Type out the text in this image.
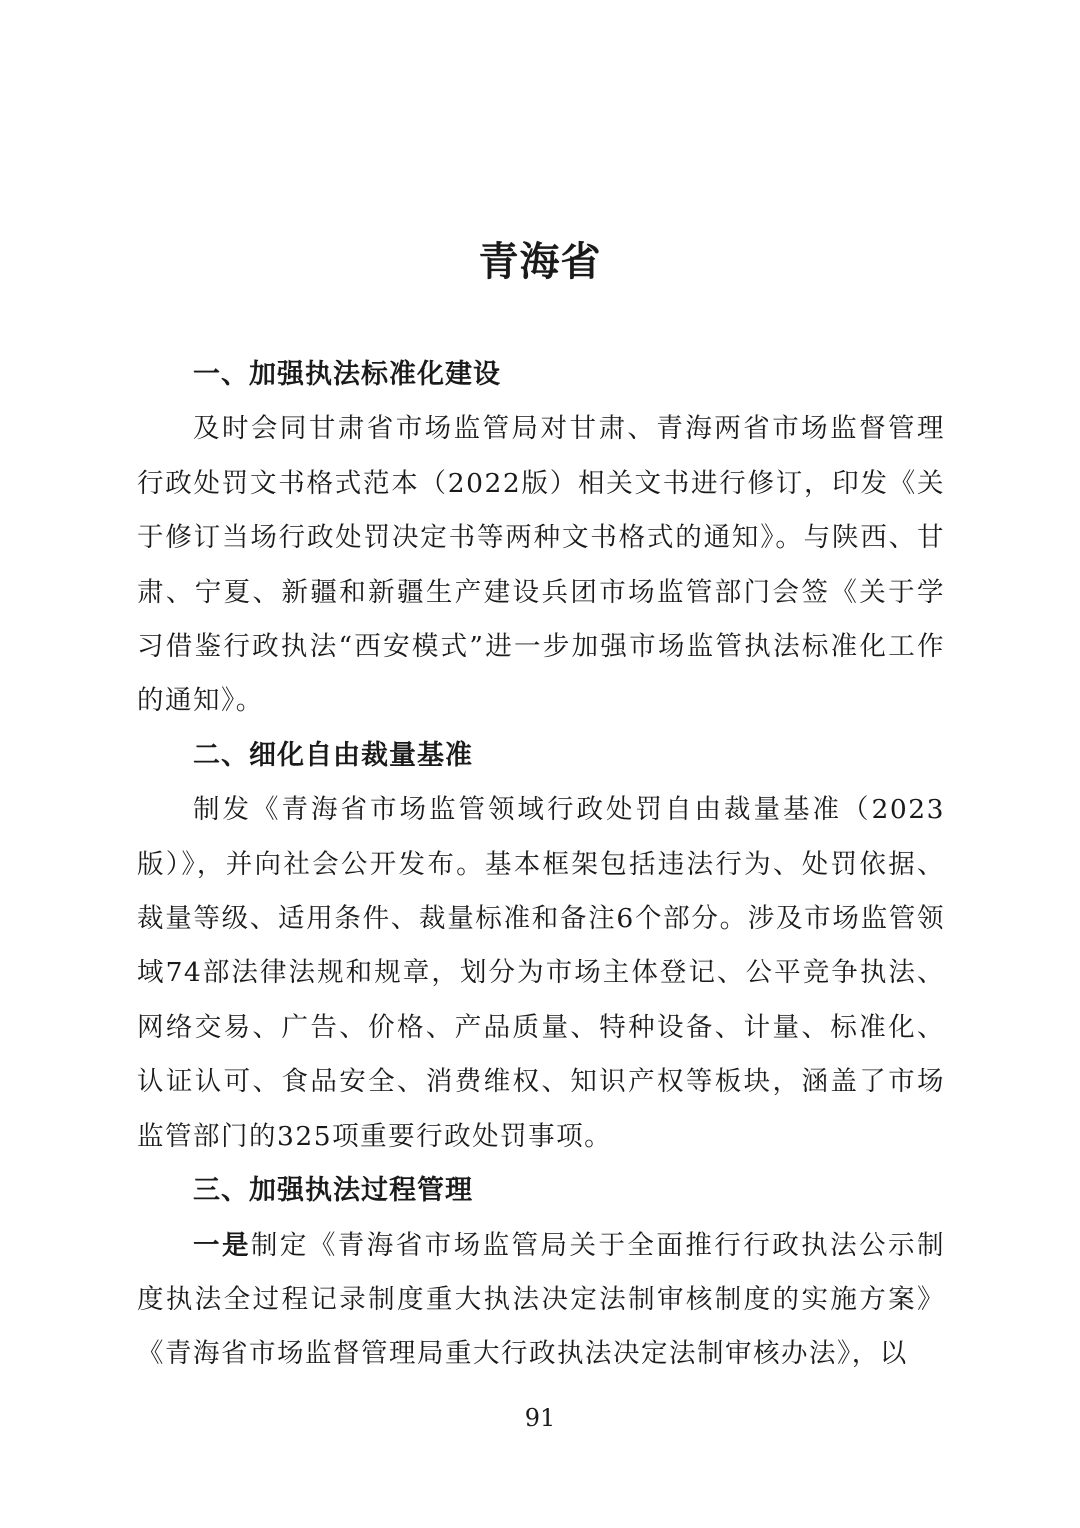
青海省

一、加强执法标准化建设

及时会同甘肃省市场监管局对甘肃、青海两省市场监督管理行政处罚文书格式范本（2022版）相关文书进行修订，印发《关于修订当场行政处罚决定书等两种文书格式的通知》。与陕西、甘肃、宁夏、新疆和新疆生产建设兵团市场监管部门会签《关于学习借鉴行政执法“西安模式”进一步加强市场监管执法标准化工作的通知》。

二、细化自由裁量基准

制发《青海省市场监管领域行政处罚自由裁量基准（2023版）》，并向社会公开发布。基本框架包括违法行为、处罚依据、裁量等级、适用条件、裁量标准和备注6个部分。涉及市场监管领域74部法律法规和规章，划分为市场主体登记、公平竞争执法、网络交易、广告、价格、产品质量、特种设备、计量、标准化、认证认可、食品安全、消费维权、知识产权等板块，涵盖了市场监管部门的325项重要行政处罚事项。

三、加强执法过程管理

一是制定《青海省市场监管局关于全面推行行政执法公示制度执法全过程记录制度重大执法决定法制审核制度的实施方案》《青海省市场监督管理局重大行政执法决定法制审核办法》，以

91
